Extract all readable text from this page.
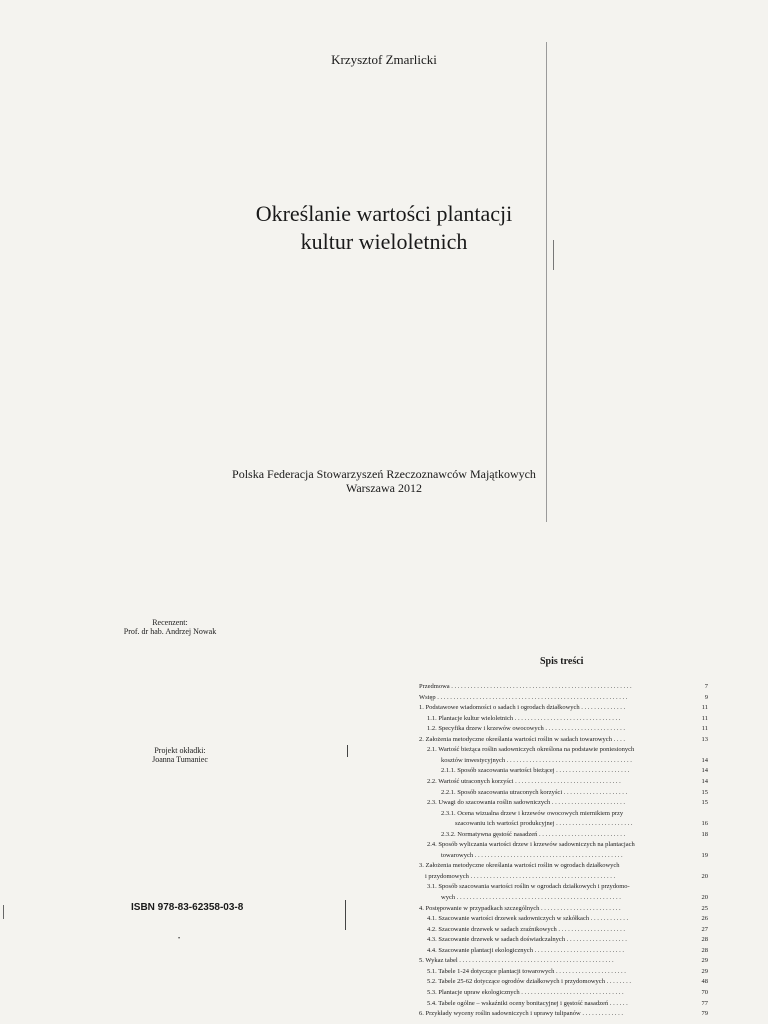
Krzysztof Zmarlicki
Określanie wartości plantacji
kultur wieloletnich
Polska Federacja Stowarzyszeń Rzeczoznawców Majątkowych
Warszawa 2012
Recenzent:
Prof. dr hab. Andrzej Nowak
Projekt okładki:
Joanna Tumaniec
ISBN 978-83-62358-03-8
•
Spis treści
Przedmowa . . . . . . . . . . . . . . . . . . . . . . . . . . . . . . . . . . . . . . . . . . . . . . . . . . . . . . . .	7
Wstęp . . . . . . . . . . . . . . . . . . . . . . . . . . . . . . . . . . . . . . . . . . . . . . . . . . . . . . . . . . .	9
1. Podstawowe wiadomości o sadach i ogrodach działkowych . . . . . . . . . . . . . .	11
1.1. Plantacje kultur wieloletnich . . . . . . . . . . . . . . . . . . . . . . . . . . . . . . . . .	11
1.2. Specyfika drzew i krzewów owocowych . . . . . . . . . . . . . . . . . . . . . . . . .	11
2. Założenia metodyczne określania wartości roślin w sadach towarowych . . . .	13
2.1. Wartość bieżąca roślin sadowniczych określona na podstawie poniesionych
kosztów inwestycyjnych . . . . . . . . . . . . . . . . . . . . . . . . . . . . . . . . . . . . . . .	14
2.1.1. Sposób szacowania wartości bieżącej . . . . . . . . . . . . . . . . . . . . . . .	14
2.2. Wartość utraconych korzyści . . . . . . . . . . . . . . . . . . . . . . . . . . . . . . . . .	14
2.2.1. Sposób szacowania utraconych korzyści . . . . . . . . . . . . . . . . . . . .	15
2.3. Uwagi do szacowania roślin sadowniczych . . . . . . . . . . . . . . . . . . . . . . .	15
2.3.1. Ocena wizualna drzew i krzewów owocowych miernikiem przy
szacowaniu ich wartości produkcyjnej . . . . . . . . . . . . . . . . . . . . . . . .	16
2.3.2. Normatywna gęstość nasadzeń . . . . . . . . . . . . . . . . . . . . . . . . . . .	18
2.4. Sposób wyliczania wartości drzew i krzewów sadowniczych na plantacjach
towarowych . . . . . . . . . . . . . . . . . . . . . . . . . . . . . . . . . . . . . . . . . . . . . .	19
3. Założenia metodyczne określania wartości roślin w ogrodach działkowych
i przydomowych . . . . . . . . . . . . . . . . . . . . . . . . . . . . . . . . . . . . . . . . . . . . .	20
3.1. Sposób szacowania wartości roślin w ogrodach działkowych i przydomo-
wych . . . . . . . . . . . . . . . . . . . . . . . . . . . . . . . . . . . . . . . . . . . . . . . . . . .	20
4. Postępowanie w przypadkach szczególnych . . . . . . . . . . . . . . . . . . . . . . . . .	25
4.1. Szacowanie wartości drzewek sadowniczych w szkółkach . . . . . . . . . . . .	26
4.2. Szacowanie drzewek w sadach zraźnikowych . . . . . . . . . . . . . . . . . . . . .	27
4.3. Szacowanie drzewek w sadach doświadczalnych . . . . . . . . . . . . . . . . . . .	28
4.4. Szacowanie plantacji ekologicznych . . . . . . . . . . . . . . . . . . . . . . . . . . . .	28
5. Wykaz tabel . . . . . . . . . . . . . . . . . . . . . . . . . . . . . . . . . . . . . . . . . . . . . . . .	29
5.1. Tabele 1-24 dotyczące plantacji towarowych . . . . . . . . . . . . . . . . . . . . . .	29
5.2. Tabele 25-62 dotyczące ogrodów działkowych i przydomowych . . . . . . . .	48
5.3. Plantacje upraw ekologicznych . . . . . . . . . . . . . . . . . . . . . . . . . . . . . . . .	70
5.4. Tabele ogólne – wskaźniki oceny bonitacyjnej i gęstość nasadzeń . . . . . .	77
6. Przykłady wyceny roślin sadowniczych i uprawy tulipanów . . . . . . . . . . . . .	79
